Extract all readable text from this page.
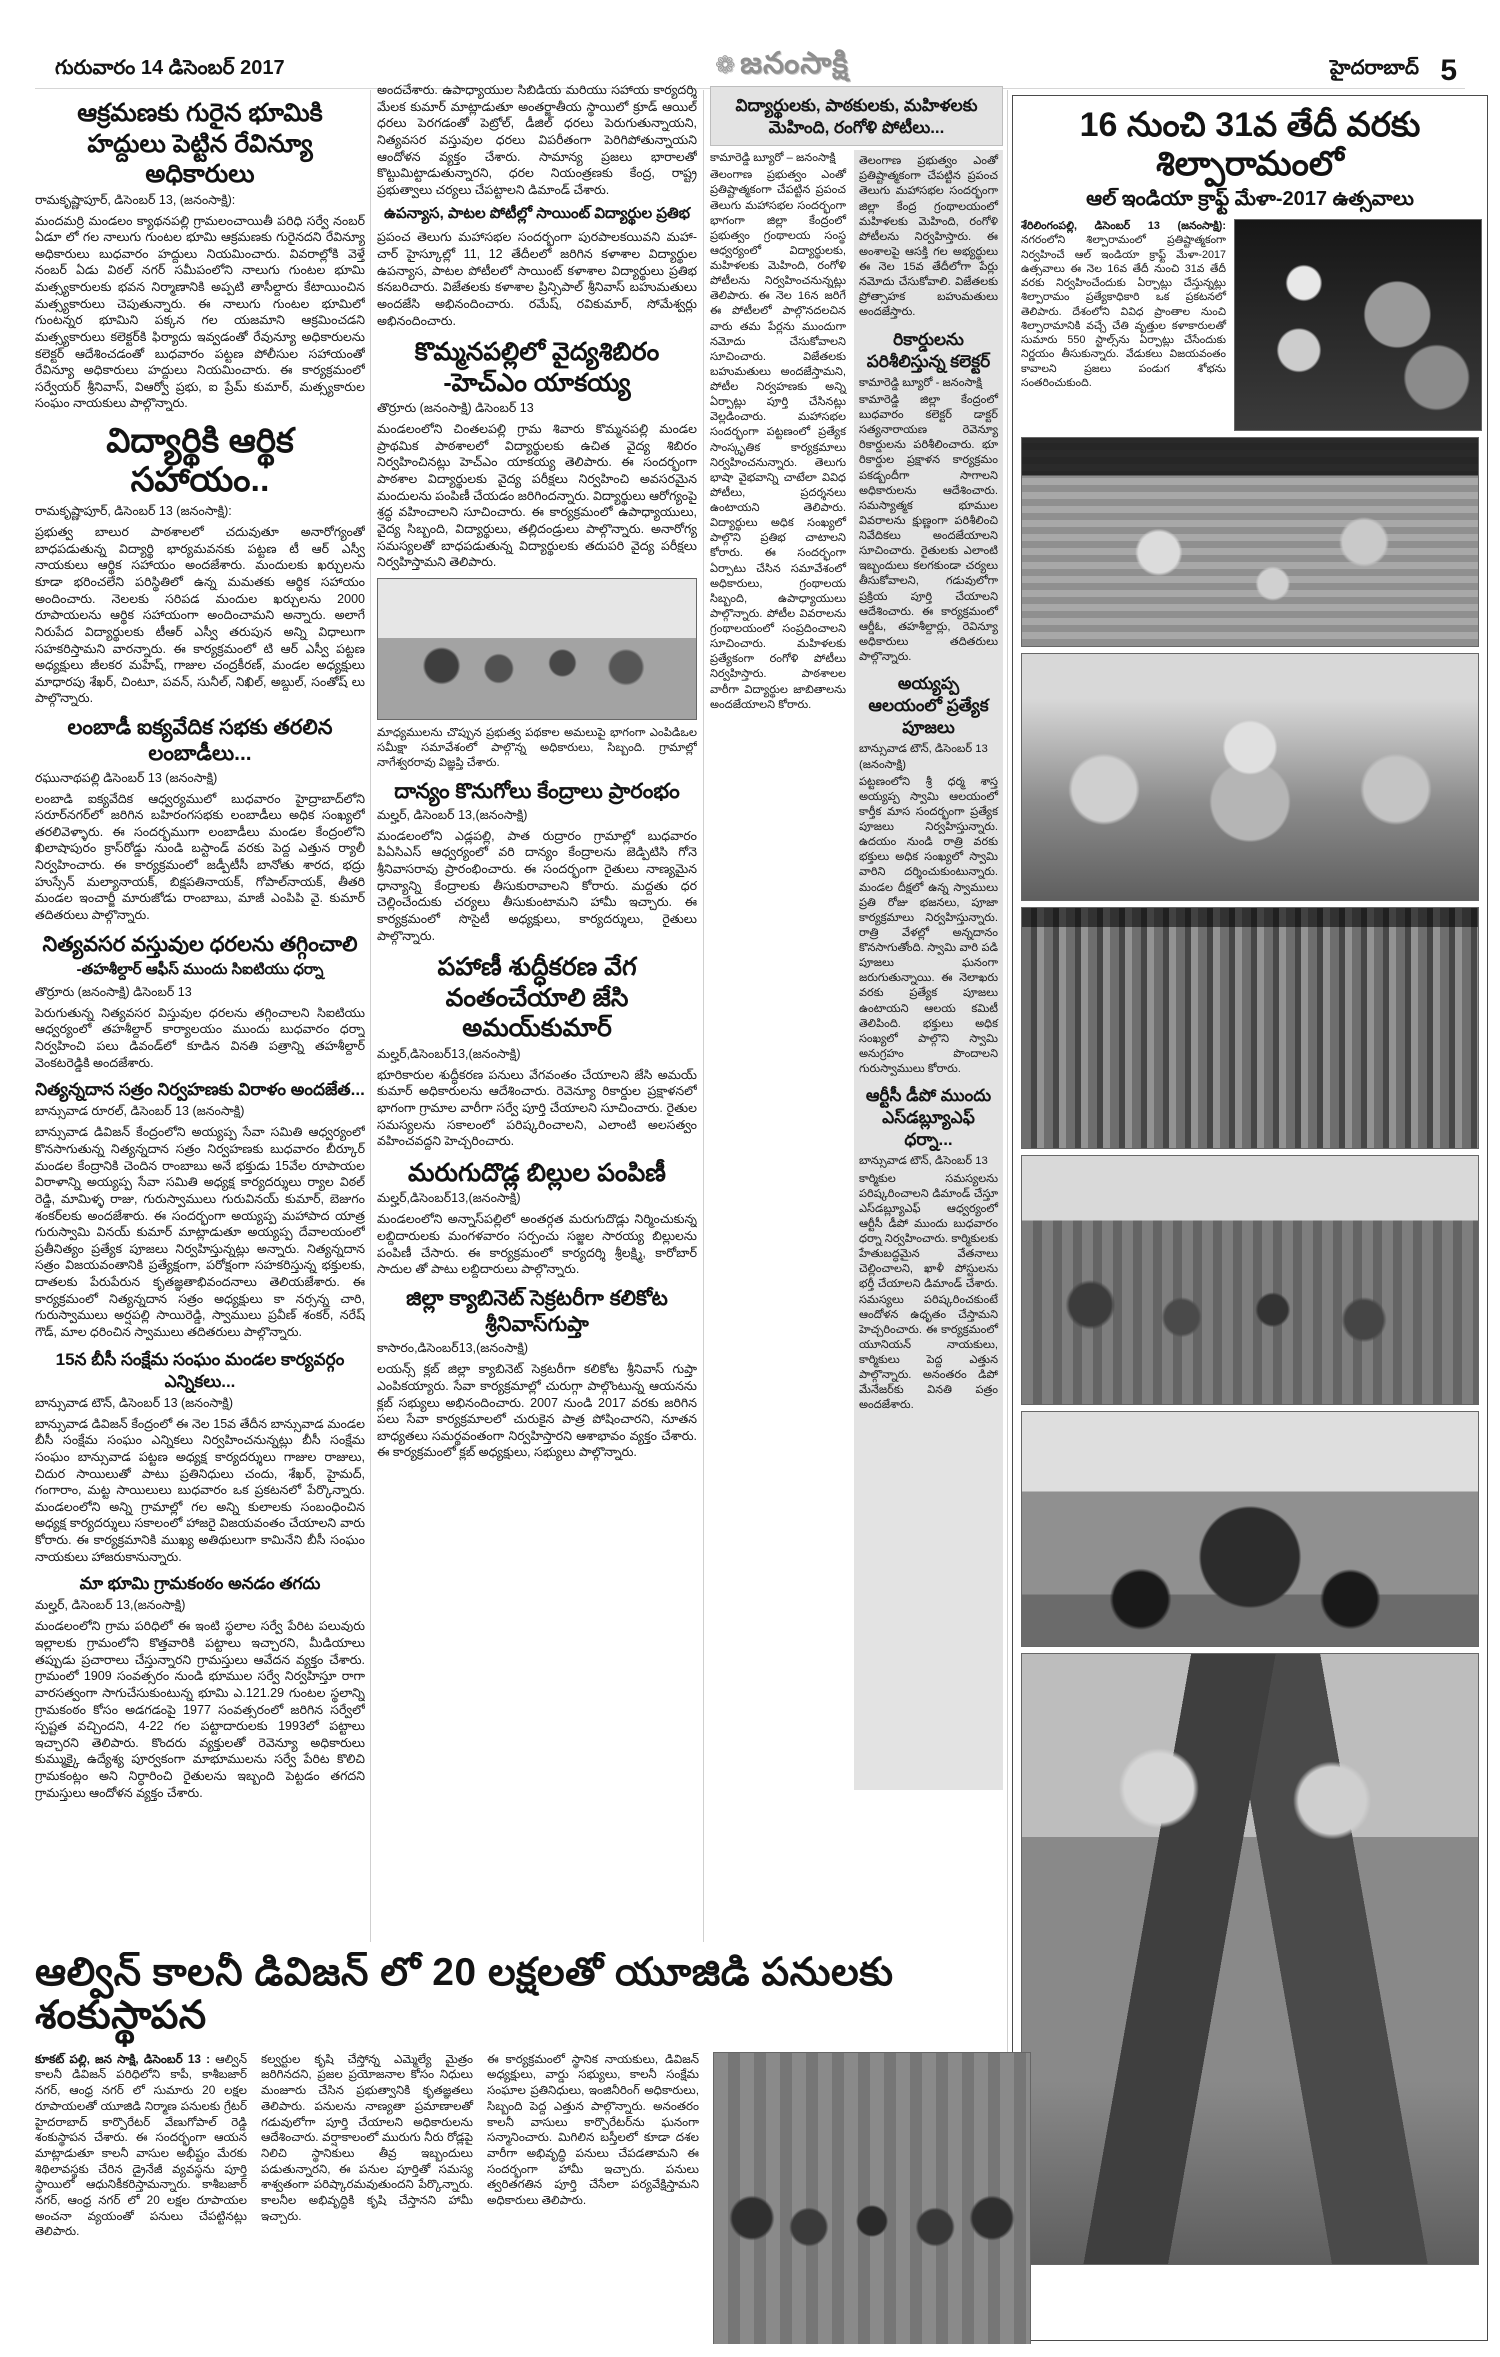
గురువారం 14 డిసెంబర్ 2017	❁ జనంసాక్షి	హైదరాబాద్ 5
ఆక్రమణకు గురైన భూమికి హద్దులు పెట్టిన రేవిన్యూ అధికారులు
రామకృష్ణాపూర్, డిసెంబర్ 13, (జనంసాక్షి):

మందమర్రి మండలం క్యాథనపల్లి గ్రామలంచాయితీ పరిధి సర్వే నంబర్ ఏడూ లో గల నాలుగు గుంటల భూమి ఆక్రమణకు గురైనదని రేవిన్యూ అధికారులు బుధవారం హద్దులు నియమించారు. వివరాల్లోకి వెళ్తే నంబర్ ఏడు విఠల్ నగర్ సమీపంలోని నాలుగు గుంటల భూమి మత్స్యకారులకు భవన నిర్మాణానికి అప్పటి తాసీల్దారు కేటాయించిన మత్స్యకారులు చెపుతున్నారు. ఈ నాలుగు గుంటల భూమిలో గుంటన్నర భూమిని పక్కన గల యజమాని ఆక్రమించడని మత్స్యకారులు కలెక్టర్‌కి ఫిర్యాదు ఇవ్వడంతో రేవున్యూ అధికారులను కలెక్టర్ ఆదేశించడంతో బుధవారం పట్టణ పోలీసుల సహాయంతో రేవిన్యూ అధికారులు హద్దులు నియమించారు. ఈ కార్యక్రమంలో సర్వేయర్ శ్రీనివాస్, విఆర్వో ప్రభు, ఐ ప్రేమ్ కుమార్, మత్స్యకారుల సంఘం నాయకులు పాల్గొన్నారు.

విద్యార్థికి ఆర్థిక సహాయం..
రామకృష్ణాపూర్, డిసెంబర్ 13 (జనంసాక్షి):

ప్రభుత్వ బాలుర పాఠశాలలో చదువుతూ అనారోగ్యంతో బాధపడుతున్న విద్యార్థి భార్యమవనకు పట్టణ టీ ఆర్ ఎస్వీ నాయకులు ఆర్థిక సహాయం అందజేశారు. మందులకు ఖర్చులను కూడా భరించలేని పరిస్థితిలో ఉన్న మమతకు ఆర్థిక సహాయం అందించారు. నెలలకు సరిపడ మందుల ఖర్చులను 2000 రూపాయలను ఆర్థిక సహాయంగా అందించామని అన్నారు. అలాగే నిరుపేద విద్యార్థులకు టీఆర్ ఎస్వీ తరుపున అన్ని విధాలుగా సహకరిస్తామని వారన్నారు. ఈ కార్యక్రమంలో టి ఆర్ ఎస్వీ పట్టణ అధ్యక్షులు జీలకర మహేష్, గాజుల చంద్రకీరణ్, మండల అధ్యక్షులు మాధారపు శేఖర్, చింటూ, పవన్, సునీల్, నిఖిల్, అబ్దుల్, సంతోష్ లు పాల్గొన్నారు.

లంబాడీ ఐక్యవేదిక సభకు తరలిన లంబాడీలు...
రఘునాథపల్లి డిసెంబర్ 13 (జనంసాక్షి)

లంబాడి ఐక్యవేదిక ఆధ్వర్యములో బుధవారం హైద్రాబాద్‌లోని సరూర్‌నగర్‌లో జరిగిన బహిరంగసభకు లంబాడీలు అధిక సంఖ్యలో తరలివెళ్ళారు. ఈ సందర్భముగా లంబాడీలు మండల కేంద్రంలోని ఖిలాషాపురం క్రాస్‌రోడ్డు నుండి బస్టాండ్ వరకు పెద్ద ఎత్తున ర్యాలీ నిర్వహించారు. ఈ కార్యక్రమంలో జడ్పీటీసీ బానోతు శారద, భద్రు హుస్సేన్ మల్యానాయక్, బిక్షపతినాయక్, గోపాల్‌నాయక్, తీతరి మండల ఇంచార్జీ మారుజోడు రాంబాబు, మాజీ ఎంపిపి వై. కుమార్ తదితరులు పాల్గొన్నారు.

నిత్యవసర వస్తువుల ధరలను తగ్గించాలి
-తహశీల్దార్ ఆఫీస్ ముందు సిఐటియు ధర్నా
తొర్రూరు (జనంసాక్షి) డిసెంబర్ 13

పెరుగుతున్న నిత్యవసర విస్తువుల ధరలను తగ్గించాలని సిఐటియు ఆధ్వర్యంలో తహశీల్దార్ కార్యాలయం ముందు బుధవారం ధర్నా నిర్వహించి పలు డివండ్‌లో కూడిన వినతి పత్రాన్ని తహశీల్దార్ వెంకటరెడ్డికి అందజేశారు.

నిత్యన్నదాన సత్రం నిర్వహణకు విరాళం అందజేత...
బాన్సువాడ రూరల్, డిసెంబర్ 13 (జనంసాక్షి)

బాన్సువాడ డివిజన్ కేంద్రంలోని అయ్యప్ప సేవా సమితి ఆధ్వర్యంలో కొనసాగుతున్న నిత్యన్నదాన సత్రం నిర్వహణకు బుధవారం బీర్కూర్ మండల కేంద్రానికి చెందిన రాంబాబు అనే భక్తుడు 15వేల రూపాయల విరాళాన్ని అయ్యప్ప సేవా సమితి అధ్యక్ష కార్యదర్శులు ర్యాల విఠల్ రెడ్డి, మామిళ్ళ రాజు, గురుస్వాములు గురువినయ్ కుమార్, బెజుగం శంకర్‌లకు అందజేశారు. ఈ సందర్భంగా అయ్యప్ప మహాపాద యాత్ర గురుస్వామి వినయ్ కుమార్ మాట్లాడుతూ అయ్యప్ప దేవాలయంలో ప్రతీనిత్యం ప్రత్యేక పూజలు నిర్వహిస్తున్నట్లు అన్నారు. నిత్యన్నదాన సత్రం విజయవంతానికి ప్రత్యేక్షంగా, పరోక్షంగా సహకరిస్తున్న భక్తులకు, దాతలకు పేరుపేరున కృతజ్ఞతాభివందనాలు తెలియజేశారు. ఈ కార్యక్రమంలో నిత్యన్నదాన సత్రం అధ్యక్షులు కా నర్సన్న చారి, గురుస్వాములు అర్షపల్లి సాయిరెడ్డి, స్వాములు ప్రవీణ్ శంకర్, నరేష్ గౌడ్, మాల ధరించిన స్వాములు తదితరులు పాల్గొన్నారు.

15న బీసీ సంక్షేమ సంఘం మండల కార్యవర్గం ఎన్నికలు...
బాన్సువాడ టౌన్, డిసెంబర్ 13 (జనంసాక్షి)

బాన్సువాడ డివిజన్ కేంద్రంలో ఈ నెల 15వ తేదీన బాన్సువాడ మండల బీసీ సంక్షేమ సంఘం ఎన్నికలు నిర్వహించనున్నట్లు బీసీ సంక్షేమ సంఘం బాన్సువాడ పట్టణ అధ్యక్ష కార్యదర్శులు గాజుల రాజులు, చిదుర సాయిలుతో పాటు ప్రతినిధులు చందు, శేఖర్, హైమద్, గంగారాం, మట్ట సాయిలులు బుధవారం ఒక ప్రకటనలో పేర్కొన్నారు. మండలంలోని అన్ని గ్రామాల్లో గల అన్ని కులాలకు సంబంధించిన అధ్యక్ష కార్యదర్శులు సకాలంలో హాజరై విజయవంతం చేయాలని వారు కోరారు. ఈ కార్యక్రమానికి ముఖ్య అతిథులుగా కామినేని బీసీ సంఘం నాయకులు హాజరుకానున్నారు.

మా భూమి గ్రామకంఠం అనడం తగదు
మల్హర్, డిసెంబర్ 13,(జనంసాక్షి)

మండలంలోని గ్రామ పరిధిలో ఈ ఇంటి స్థలాల సర్వే పేరిట పలువురు ఇల్లాలకు గ్రామంలోని కొత్తవారికి పట్టాలు ఇచ్చారని, మీడియాలు తప్పుడు ప్రచారాలు చేస్తున్నారని గ్రామస్తులు ఆవేదన వ్యక్తం చేశారు. గ్రామంలో 1909 సంవత్సరం నుండి భూముల సర్వే నిర్వహిస్తూ రాగా వారసత్వంగా సాగుచేసుకుంటున్న భూమి ఎ.121.29 గుంటల స్థలాన్ని గ్రామకంఠం కోసం అడగడంపై 1977 సంవత్సరంలో జరిగిన సర్వేలో స్పష్టత వచ్చిందని, 4-22 గల పట్టాదారులకు 1993లో పట్టాలు ఇచ్చారని తెలిపారు. కొందరు వ్యక్తులతో రెవెన్యూ అధికారులు కుమ్ముక్కై ఉద్యేశ్య పూర్వకంగా మాభూములను సర్వే పేరిట కొలిచి గ్రామకంట్లం అని నిర్ధారించి రైతులను ఇబ్బంది పెట్టడం తగదని గ్రామస్తులు ఆందోళన వ్యక్తం చేశారు.

అందచేశారు. ఉపాధ్యాయుల సిబిడియ మరియు సహాయ కార్యదర్శి మేలక కుమార్ మాట్లాడుతూ అంతర్జాతీయ స్థాయిలో క్రూడ్ ఆయిల్ ధరలు పెరగడంతో పెట్రోల్, డీజిల్ ధరలు పెరుగుతున్నాయని, నిత్యవసర వస్తువుల ధరలు విపరీతంగా పెరిగిపోతున్నాయని ఆందోళన వ్యక్తం చేశారు. సామాన్య ప్రజలు భారాలతో కొట్టుమిట్టాడుతున్నారని, ధరల నియంత్రణకు కేంద్ర, రాష్ట్ర ప్రభుత్వాలు చర్యలు చేపట్టాలని డిమాండ్ చేశారు.

ఉపన్యాస, పాటల పోటీల్లో సాయింట్ విద్యార్థుల ప్రతిభ

ప్రపంచ తెలుగు మహాసభల సందర్భంగా పురపాలకయివని మహా-చార్ హైస్కూల్లో 11, 12 తేదీలలో జరిగిన కళాశాల విద్యార్థుల ఉపన్యాస, పాటల పోటీలలో సాయింట్ కళాశాల విద్యార్థులు ప్రతిభ కనబరిచారు. విజేతలకు కళాశాల ప్రిన్సిపాల్ శ్రీనివాస్ బహుమతులు అందజేసి అభినందించారు. రమేష్, రవికుమార్, సోమేశ్వర్లు అభినందించారు.

కొమ్మనపల్లిలో వైద్యశిబిరం -హెచ్ఎం యాకయ్య
తొర్రూరు (జనంసాక్షి) డిసెంబర్ 13

మండలంలోని చింతలపల్లి గ్రామ శివారు కొమ్మనపల్లి మండల ప్రాథమిక పాఠశాలలో విద్యార్థులకు ఉచిత వైద్య శిబిరం నిర్వహించినట్లు హెచ్ఎం యాకయ్య తెలిపారు. ఈ సందర్భంగా పాఠశాల విద్యార్థులకు వైద్య పరీక్షలు నిర్వహించి అవసరమైన మందులను పంపిణీ చేయడం జరిగిందన్నారు. విద్యార్థులు ఆరోగ్యంపై శ్రద్ధ వహించాలని సూచించారు. ఈ కార్యక్రమంలో ఉపాధ్యాయులు, వైద్య సిబ్బంది, విద్యార్థులు, తల్లిదండ్రులు పాల్గొన్నారు. అనారోగ్య సమస్యలతో బాధపడుతున్న విద్యార్థులకు తదుపరి వైద్య పరీక్షలు నిర్వహిస్తామని తెలిపారు.

మాధ్యములను చొప్పున ప్రభుత్వ పథకాల అమలుపై భాగంగా ఎంపిడిఒల సమీక్షా సమావేశంలో పాల్గొన్న అధికారులు, సిబ్బంది. గ్రామాల్లో నాగేశ్వరరావు విజ్ఞప్తి చేశారు.

దాన్యం కొనుగోలు కేంద్రాలు ప్రారంభం
మల్హర్, డిసెంబర్ 13,(జనంసాక్షి)

మండలంలోని ఎడ్లపల్లి, పాత రుద్రారం గ్రామాల్లో బుధవారం పిఏసిఎస్ ఆధ్వర్యంలో వరి దాన్యం కేంద్రాలను జెడ్పిటిసి గోనె శ్రీనివాసరావు ప్రారంభించారు. ఈ సందర్భంగా రైతులు నాణ్యమైన ధాన్యాన్ని కేంద్రాలకు తీసుకురావాలని కోరారు. మద్దతు ధర చెల్లించేందుకు చర్యలు తీసుకుంటామని హామీ ఇచ్చారు. ఈ కార్యక్రమంలో సొసైటీ అధ్యక్షులు, కార్యదర్శులు, రైతులు పాల్గొన్నారు.

పహాణీ శుద్ధీకరణ వేగ వంతంచేయాలి జేసి అమయ్‌కుమార్
మల్హర్,డిసెంబర్13,(జనంసాక్షి)

భూరికారుల శుద్ధీకరణ పనులు వేగవంతం చేయాలని జేసి అమయ్ కుమార్ అధికారులను ఆదేశించారు. రెవెన్యూ రికార్డుల ప్రక్షాళనలో భాగంగా గ్రామాల వారీగా సర్వే పూర్తి చేయాలని సూచించారు. రైతుల సమస్యలను సకాలంలో పరిష్కరించాలని, ఎలాంటి అలసత్వం వహించవద్దని హెచ్చరించారు.

మరుగుదొడ్ల బిల్లుల పంపిణీ
మల్హర్,డిసెంబర్13,(జనంసాక్షి)

మండలంలోని అన్నాస్‌పల్లిలో అంతర్గత మరుగుదొడ్లు నిర్మించుకున్న లబ్దిదారులకు మంగళవారం సర్పంచు సజ్జల సారయ్య బిల్లులను పంపిణీ చేసారు. ఈ కార్యక్రమంలో కార్యదర్శి శ్రీలక్ష్మి, కారోబార్ సాదుల తో పాటు లబ్దిదారులు పాల్గొన్నారు.

జిల్లా క్యాబినెట్ సెక్రటరీగా కలికోట శ్రీనివాస్‌గుప్తా
కాసారం,డిసెంబర్13,(జనంసాక్షి)

లయన్స్ క్లబ్ జిల్లా క్యాబినెట్ సెక్రటరీగా కలికోట శ్రీనివాస్ గుప్తా ఎంపికయ్యారు. సేవా కార్యక్రమాల్లో చురుగ్గా పాల్గొంటున్న ఆయనను క్లబ్ సభ్యులు అభినందించారు. 2007 నుండి 2017 వరకు జరిగిన పలు సేవా కార్యక్రమాలలో చురుకైన పాత్ర పోషించారని, నూతన బాధ్యతలు సమర్థవంతంగా నిర్వహిస్తారని ఆశాభావం వ్యక్తం చేశారు. ఈ కార్యక్రమంలో క్లబ్ అధ్యక్షులు, సభ్యులు పాల్గొన్నారు.

విద్యార్థులకు, పాఠకులకు, మహిళలకు మెహింది, రంగోళి పోటీలు...
కామారెడ్డి బ్యూరో – జనంసాక్షి

తెలంగాణ ప్రభుత్వం ఎంతో ప్రతిష్టాత్మకంగా చేపట్టిన ప్రపంచ తెలుగు మహాసభల సందర్భంగా భాగంగా జిల్లా కేంద్రంలో ప్రభుత్వం గ్రంథాలయ సంస్థ ఆధ్వర్యంలో విద్యార్థులకు, మహిళలకు మెహింది, రంగోళి పోటీలను నిర్వహించనున్నట్లు తెలిపారు. ఈ నెల 16న జరిగే ఈ పోటీలలో పాల్గొనదలచిన వారు తమ పేర్లను ముందుగా నమోదు చేసుకోవాలని సూచించారు. విజేతలకు బహుమతులు అందజేస్తామని, పోటీల నిర్వహణకు అన్ని ఏర్పాట్లు పూర్తి చేసినట్లు వెల్లడించారు. మహాసభల సందర్భంగా పట్టణంలో ప్రత్యేక సాంస్కృతిక కార్యక్రమాలు నిర్వహించనున్నారు. తెలుగు భాషా వైభవాన్ని చాటేలా వివిధ పోటీలు, ప్రదర్శనలు ఉంటాయని తెలిపారు. విద్యార్థులు అధిక సంఖ్యలో పాల్గొని ప్రతిభ చాటాలని కోరారు. ఈ సందర్భంగా ఏర్పాటు చేసిన సమావేశంలో అధికారులు, గ్రంథాలయ సిబ్బంది, ఉపాధ్యాయులు పాల్గొన్నారు. పోటీల వివరాలను గ్రంథాలయంలో సంప్రదించాలని సూచించారు. మహిళలకు ప్రత్యేకంగా రంగోళి పోటీలు నిర్వహిస్తారు. పాఠశాలల వారీగా విద్యార్థుల జాబితాలను అందజేయాలని కోరారు.

తెలంగాణ ప్రభుత్వం ఎంతో ప్రతిష్టాత్మకంగా చేపట్టిన ప్రపంచ తెలుగు మహాసభల సందర్భంగా జిల్లా కేంద్ర గ్రంథాలయంలో మహిళలకు మెహింది, రంగోళి పోటీలను నిర్వహిస్తారు. ఈ అంశాలపై ఆసక్తి గల అభ్యర్థులు ఈ నెల 15వ తేదీలోగా పేర్లు నమోదు చేసుకోవాలి. విజేతలకు ప్రోత్సాహక బహుమతులు అందజేస్తారు.

రికార్డులను పరిశీలిస్తున్న కలెక్టర్
కామారెడ్డి బ్యూరో - జనంసాక్షి

కామారెడ్డి జిల్లా కేంద్రంలో బుధవారం కలెక్టర్ డాక్టర్ సత్యనారాయణ రెవెన్యూ రికార్డులను పరిశీలించారు. భూ రికార్డుల ప్రక్షాళన కార్యక్రమం పకడ్బందీగా సాగాలని అధికారులను ఆదేశించారు. సమస్యాత్మక భూముల వివరాలను క్షుణ్ణంగా పరిశీలించి నివేదికలు అందజేయాలని సూచించారు. రైతులకు ఎలాంటి ఇబ్బందులు కలగకుండా చర్యలు తీసుకోవాలని, గడువులోగా ప్రక్రియ పూర్తి చేయాలని ఆదేశించారు. ఈ కార్యక్రమంలో ఆర్డీఓ, తహశీల్దార్లు, రెవిన్యూ అధికారులు తదితరులు పాల్గొన్నారు.

అయ్యప్ప ఆలయంలో ప్రత్యేక పూజలు
బాన్సువాడ టౌన్, డిసెంబర్ 13 (జనంసాక్షి)

పట్టణంలోని శ్రీ ధర్మ శాస్త అయ్యప్ప స్వామి ఆలయంలో కార్తీక మాస సందర్భంగా ప్రత్యేక పూజలు నిర్వహిస్తున్నారు. ఉదయం నుండి రాత్రి వరకు భక్తులు అధిక సంఖ్యలో స్వామి వారిని దర్శించుకుంటున్నారు. మండల దీక్షలో ఉన్న స్వాములు ప్రతి రోజు భజనలు, పూజా కార్యక్రమాలు నిర్వహిస్తున్నారు. రాత్రి వేళల్లో అన్నదానం కొనసాగుతోంది. స్వామి వారి పడి పూజలు ఘనంగా జరుగుతున్నాయి. ఈ నెలాఖరు వరకు ప్రత్యేక పూజలు ఉంటాయని ఆలయ కమిటీ తెలిపింది. భక్తులు అధిక సంఖ్యలో పాల్గొని స్వామి అనుగ్రహం పొందాలని గురుస్వాములు కోరారు.

ఆర్టీసీ డీపో ముందు ఎస్‌డబ్ల్యూఎఫ్ ధర్నా...
బాన్సువాడ టౌన్, డిసెంబర్ 13

కార్మికుల సమస్యలను పరిష్కరించాలని డిమాండ్ చేస్తూ ఎస్‌డబ్ల్యూఎఫ్ ఆధ్వర్యంలో ఆర్టీసీ డీపో ముందు బుధవారం ధర్నా నిర్వహించారు. కార్మికులకు హేతుబద్ధమైన వేతనాలు చెల్లించాలని, ఖాళీ పోస్టులను భర్తీ చేయాలని డిమాండ్ చేశారు. సమస్యలు పరిష్కరించకుంటే ఆందోళన ఉధృతం చేస్తామని హెచ్చరించారు. ఈ కార్యక్రమంలో యూనియన్ నాయకులు, కార్మికులు పెద్ద ఎత్తున పాల్గొన్నారు. అనంతరం డిపో మేనేజర్‌కు వినతి పత్రం అందజేశారు.

16 నుంచి 31వ తేదీ వరకు శిల్పారామంలో
ఆల్ ఇండియా క్రాఫ్ట్ మేళా-2017 ఉత్సవాలు
శేరిలింగంపల్లి, డిసెంబర్ 13 (జనంసాక్షి): నగరంలోని శిల్పారామంలో ప్రతిష్టాత్మకంగా నిర్వహించే ఆల్ ఇండియా క్రాఫ్ట్ మేళా-2017 ఉత్సవాలు ఈ నెల 16వ తేదీ నుంచి 31వ తేదీ వరకు నిర్వహించేందుకు ఏర్పాట్లు చేస్తున్నట్లు శిల్పారామం ప్రత్యేకాధికారి ఒక ప్రకటనలో తెలిపారు. దేశంలోని వివిధ ప్రాంతాల నుంచి శిల్పారామానికి వచ్చే చేతి వృత్తుల కళాకారులతో సుమారు 550 స్టాల్స్‌ను ఏర్పాట్లు చేసేందుకు నిర్ణయం తీసుకున్నారు. వేడుకలు విజయవంతం కావాలని ప్రజలు పండుగ శోభను సంతరించుకుంది.
ఆల్విన్ కాలనీ డివిజన్ లో 20 లక్షలతో యూజిడి పనులకు శంకుస్థాపన
కూకట్ పల్లి, జన సాక్షి, డిసెంబర్ 13 : ఆల్విన్ కాలనీ డివిజన్ పరిధిలోని కాపీ, కాశీబజార్ నగర్, ఆంధ్ర నగర్ లో సుమారు 20 లక్షల రూపాయలతో యూజిడి నిర్మాణ పనులకు గ్రేటర్ హైదరాబాద్ కార్పొరేటర్ వేణుగోపాల్ రెడ్డి శంకుస్థాపన చేశారు. ఈ సందర్భంగా ఆయన మాట్లాడుతూ కాలనీ వాసుల అభీష్టం మేరకు శిథిలావస్థకు చేరిన డ్రైనేజీ వ్యవస్థను పూర్తి స్థాయిలో ఆధునికీకరిస్తామన్నారు. కాశీబజార్ నగర్, ఆంధ్ర నగర్ లో 20 లక్షల రూపాయల అంచనా వ్యయంతో పనులు చేపట్టినట్లు తెలిపారు.
కల్వర్టుల కృషి చేస్తోన్న ఎమ్మెల్యే మైత్రం జరిగినదని, ప్రజల ప్రయోజనాల కోసం నిధులు మంజూరు చేసిన ప్రభుత్వానికి కృతజ్ఞతలు తెలిపారు. పనులను నాణ్యతా ప్రమాణాలతో గడువులోగా పూర్తి చేయాలని అధికారులను ఆదేశించారు. వర్షాకాలంలో మురుగు నీరు రోడ్లపై నిలిచి స్థానికులు తీవ్ర ఇబ్బందులు పడుతున్నారని, ఈ పనుల పూర్తితో సమస్య శాశ్వతంగా పరిష్కారమవుతుందని పేర్కొన్నారు. కాలనీల అభివృద్ధికి కృషి చేస్తానని హామీ ఇచ్చారు.
ఈ కార్యక్రమంలో స్థానిక నాయకులు, డివిజన్ అధ్యక్షులు, వార్డు సభ్యులు, కాలనీ సంక్షేమ సంఘాల ప్రతినిధులు, ఇంజినీరింగ్ అధికారులు, సిబ్బంది పెద్ద ఎత్తున పాల్గొన్నారు. అనంతరం కాలనీ వాసులు కార్పొరేటర్‌ను ఘనంగా సన్మానించారు. మిగిలిన బస్తీలలో కూడా దశల వారీగా అభివృద్ధి పనులు చేపడతామని ఈ సందర్భంగా హామీ ఇచ్చారు. పనులు త్వరితగతిన పూర్తి చేసేలా పర్యవేక్షిస్తామని అధికారులు తెలిపారు.
